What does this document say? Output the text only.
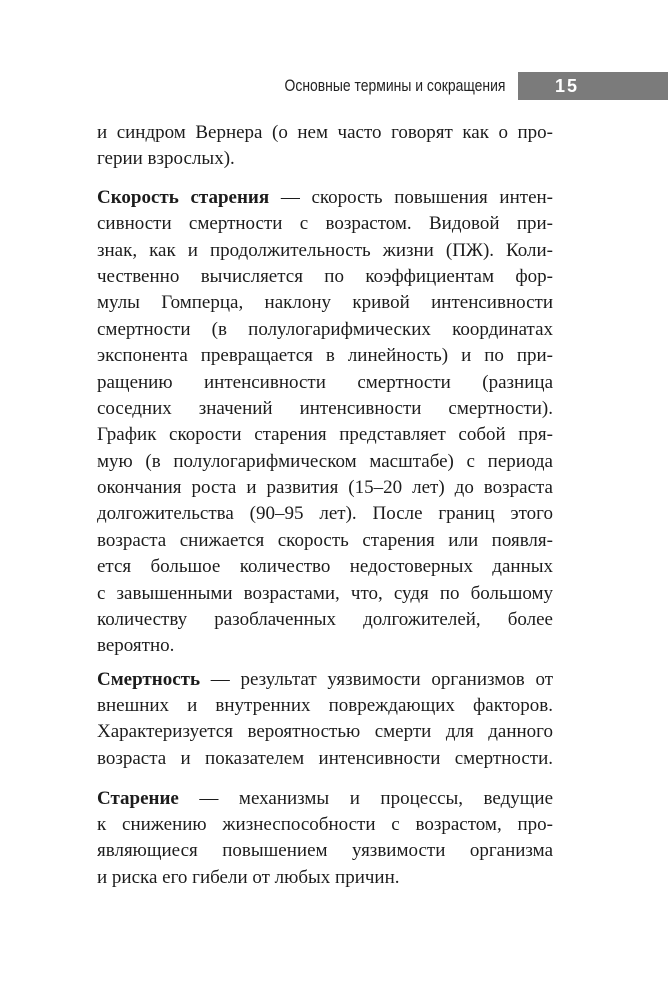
Основные термины и сокращения	15
и синдром Вернера (о нем часто говорят как о про-
герии взрослых).
Скорость старения — скорость повышения интен-
сивности смертности с возрастом. Видовой при-
знак, как и продолжительность жизни (ПЖ). Коли-
чественно вычисляется по коэффициентам фор-
мулы Гомперца, наклону кривой интенсивности
смертности (в полулогарифмических координатах
экспонента превращается в линейность) и по при-
ращению интенсивности смертности (разница
соседних значений интенсивности смертности).
График скорости старения представляет собой пря-
мую (в полулогарифмическом масштабе) с периода
окончания роста и развития (15–20 лет) до возраста
долгожительства (90–95 лет). После границ этого
возраста снижается скорость старения или появля-
ется большое количество недостоверных данных
с завышенными возрастами, что, судя по большому
количеству разоблаченных долгожителей, более
вероятно.
Смертность — результат уязвимости организмов от
внешних и внутренних повреждающих факторов.
Характеризуется вероятностью смерти для данного
возраста и показателем интенсивности смертности.
Старение — механизмы и процессы, ведущие
к снижению жизнеспособности с возрастом, про-
являющиеся повышением уязвимости организма
и риска его гибели от любых причин.
